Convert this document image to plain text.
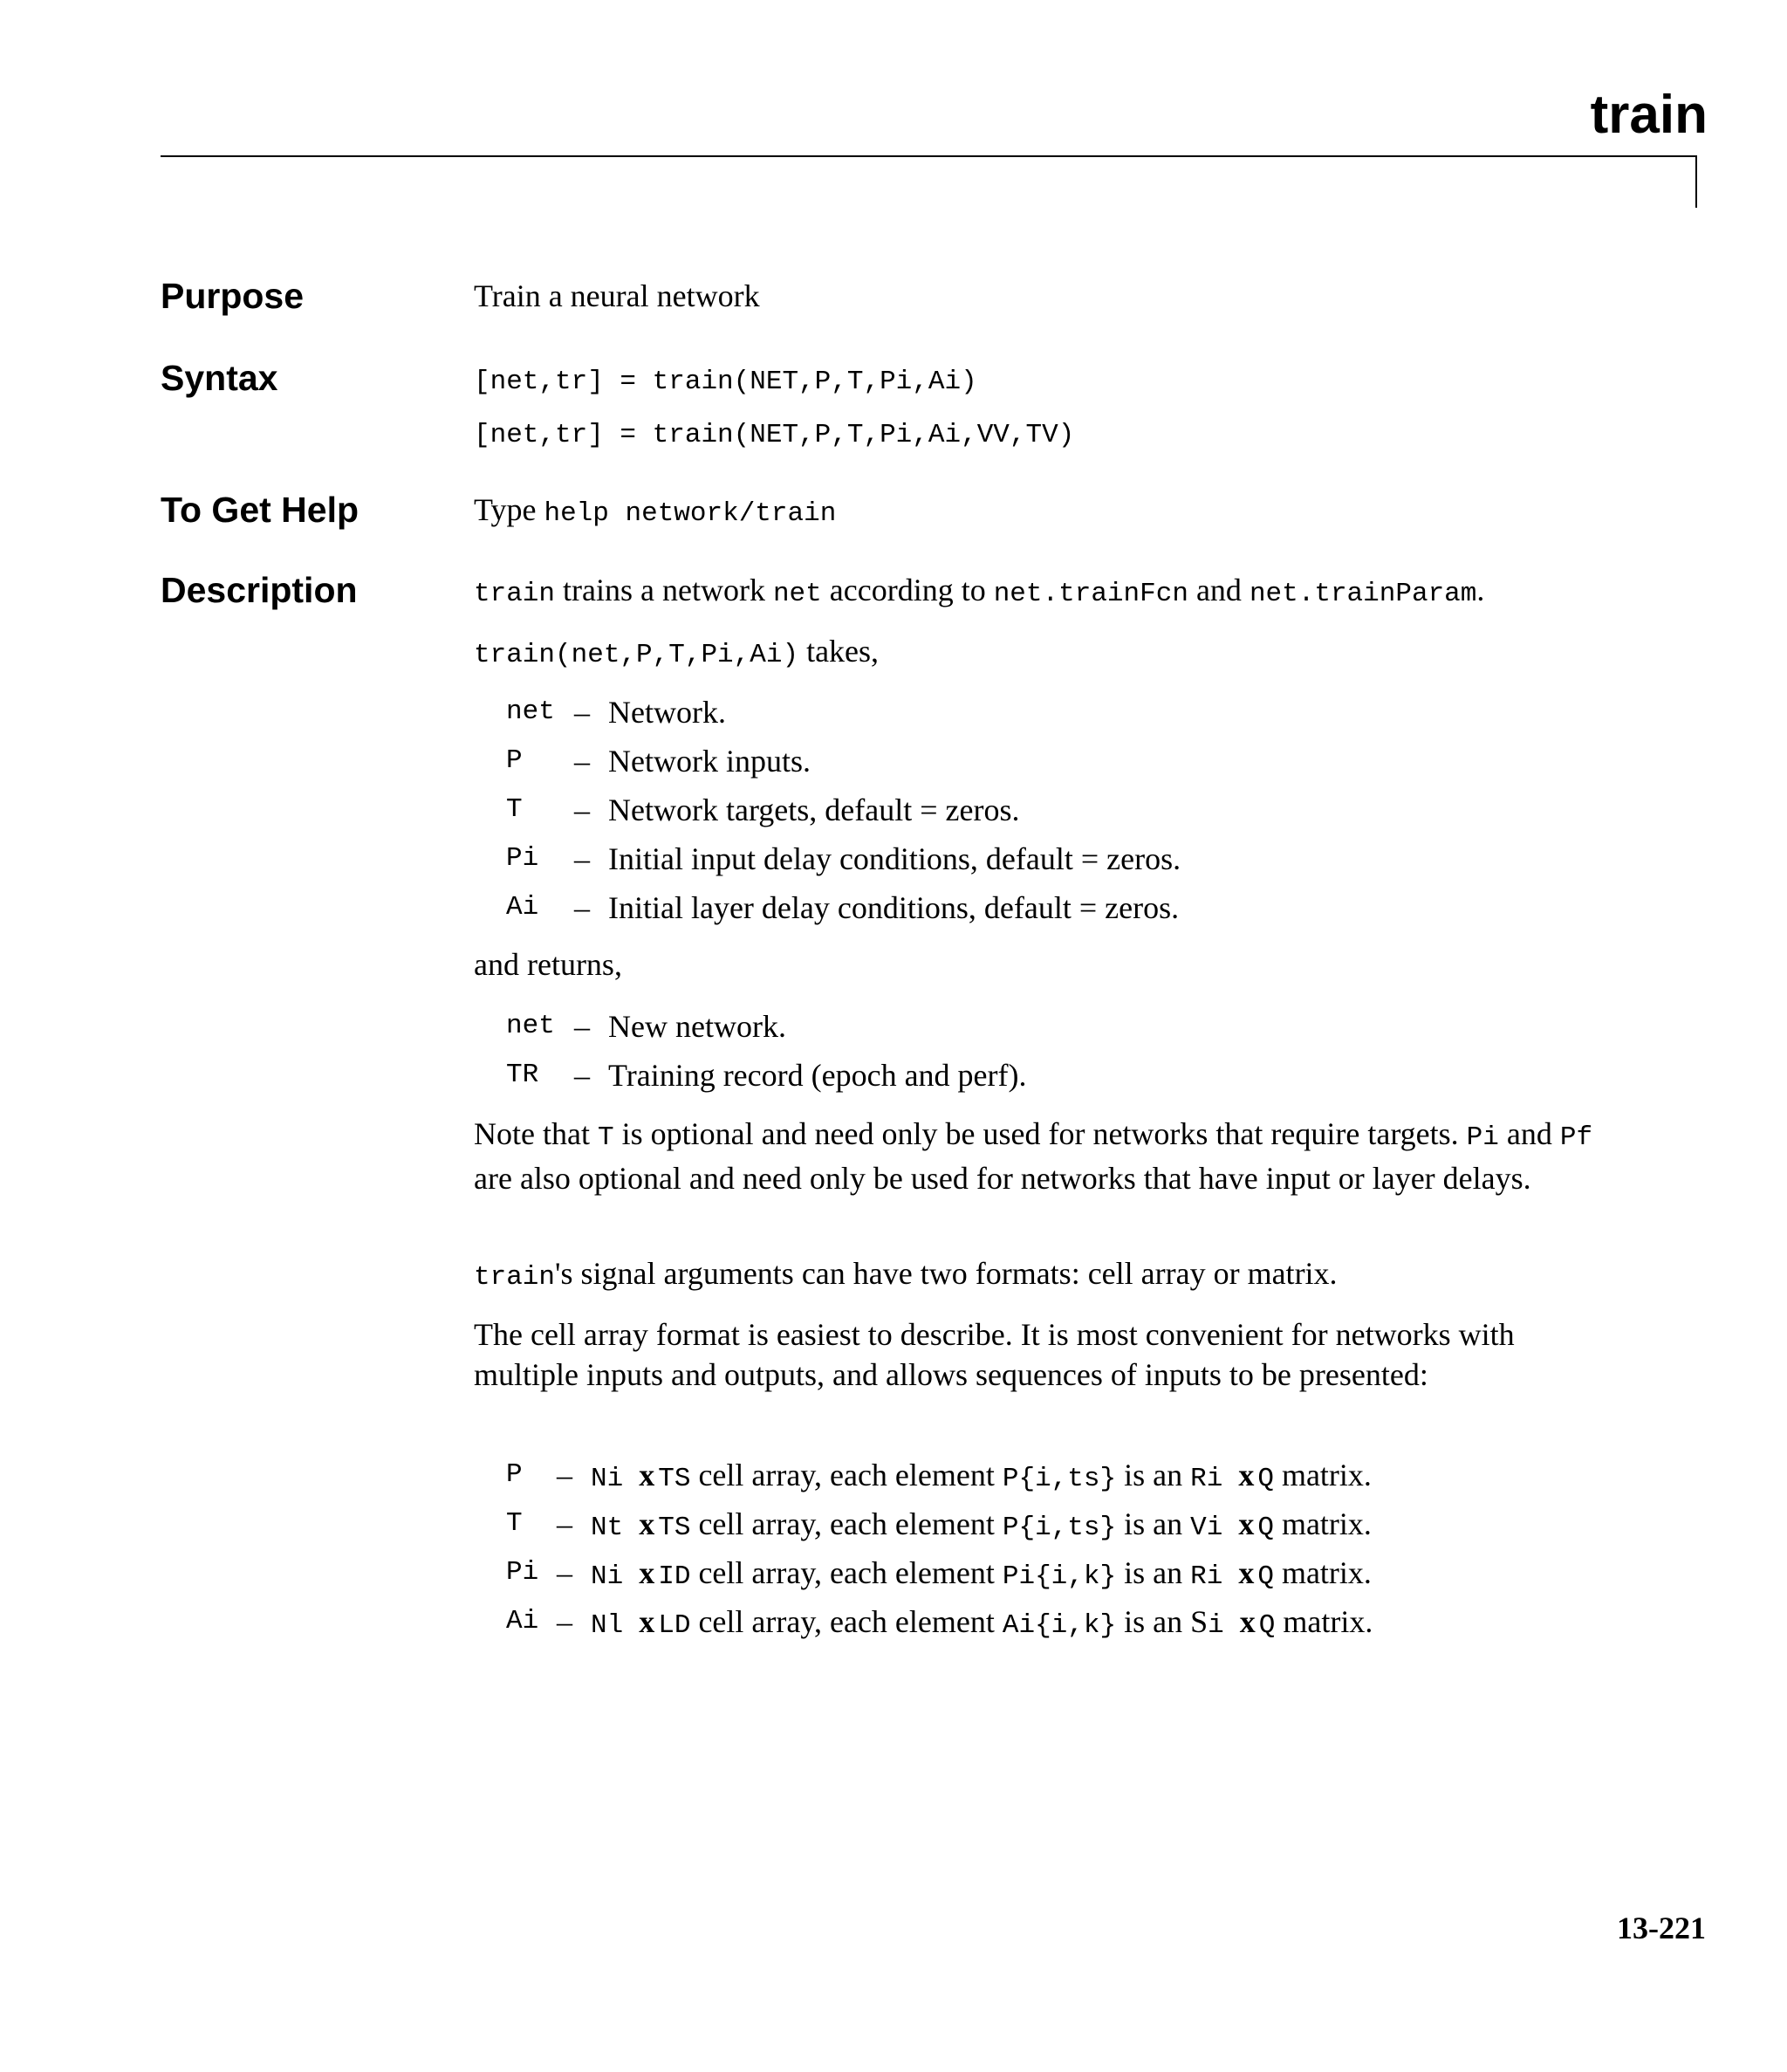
train
Purpose	Train a neural network
Syntax	[net,tr] = train(NET,P,T,Pi,Ai)
[net,tr] = train(NET,P,T,Pi,Ai,VV,TV)
To Get Help	Type help network/train
Description	train trains a network net according to net.trainFcn and net.trainParam.
train(net,P,T,Pi,Ai) takes,
net – Network.
P – Network inputs.
T – Network targets, default = zeros.
Pi – Initial input delay conditions, default = zeros.
Ai – Initial layer delay conditions, default = zeros.
and returns,
net – New network.
TR – Training record (epoch and perf).
Note that T is optional and need only be used for networks that require targets. Pi and Pf are also optional and need only be used for networks that have input or layer delays.
train's signal arguments can have two formats: cell array or matrix.
The cell array format is easiest to describe. It is most convenient for networks with multiple inputs and outputs, and allows sequences of inputs to be presented:
P – Ni x TS cell array, each element P{i,ts} is an Ri x Q matrix.
T – Nt x TS cell array, each element P{i,ts} is an Vi x Q matrix.
Pi – Ni x ID cell array, each element Pi{i,k} is an Ri x Q matrix.
Ai – Nl x LD cell array, each element Ai{i,k} is an Si x Q matrix.
13-221
